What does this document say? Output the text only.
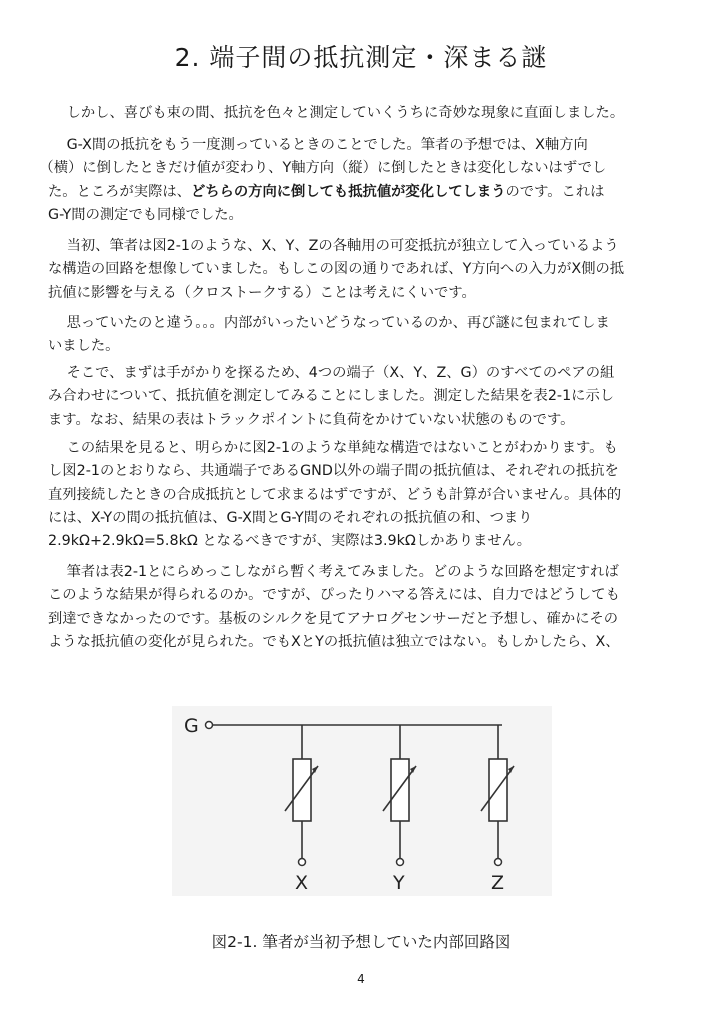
2. 端子間の抵抗測定・深まる謎
しかし、喜びも束の間、抵抗を色々と測定していくうちに奇妙な現象に直面しました。
G-X間の抵抗をもう一度測っているときのことでした。筆者の予想では、X軸方向
（横）に倒したときだけ値が変わり、Y軸方向（縦）に倒したときは変化しないはずでし
た。ところが実際は、どちらの方向に倒しても抵抗値が変化してしまうのです。これは
G-Y間の測定でも同様でした。
当初、筆者は図2-1のような、X、Y、Zの各軸用の可変抵抗が独立して入っているよう
な構造の回路を想像していました。もしこの図の通りであれば、Y方向への入力がX側の抵
抗値に影響を与える（クロストークする）ことは考えにくいです。
思っていたのと違う。。。内部がいったいどうなっているのか、再び謎に包まれてしま
いました。
そこで、まずは手がかりを探るため、4つの端子（X、Y、Z、G）のすべてのペアの組
み合わせについて、抵抗値を測定してみることにしました。測定した結果を表2-1に示し
ます。なお、結果の表はトラックポイントに負荷をかけていない状態のものです。
この結果を見ると、明らかに図2-1のような単純な構造ではないことがわかります。も
し図2-1のとおりなら、共通端子であるGND以外の端子間の抵抗値は、それぞれの抵抗を
直列接続したときの合成抵抗として求まるはずですが、どうも計算が合いません。具体的
には、X-Yの間の抵抗値は、G-X間とG-Y間のそれぞれの抵抗値の和、つまり
2.9kΩ+2.9kΩ=5.8kΩ となるべきですが、実際は3.9kΩしかありません。
筆者は表2-1とにらめっこしながら暫く考えてみました。どのような回路を想定すれば
このような結果が得られるのか。ですが、ぴったりハマる答えには、自力ではどうしても
到達できなかったのです。基板のシルクを見てアナログセンサーだと予想し、確かにその
ような抵抗値の変化が見られた。でもXとYの抵抗値は独立ではない。もしかしたら、X、
G
X	Y	Z
図2-1. 筆者が当初予想していた内部回路図
4
